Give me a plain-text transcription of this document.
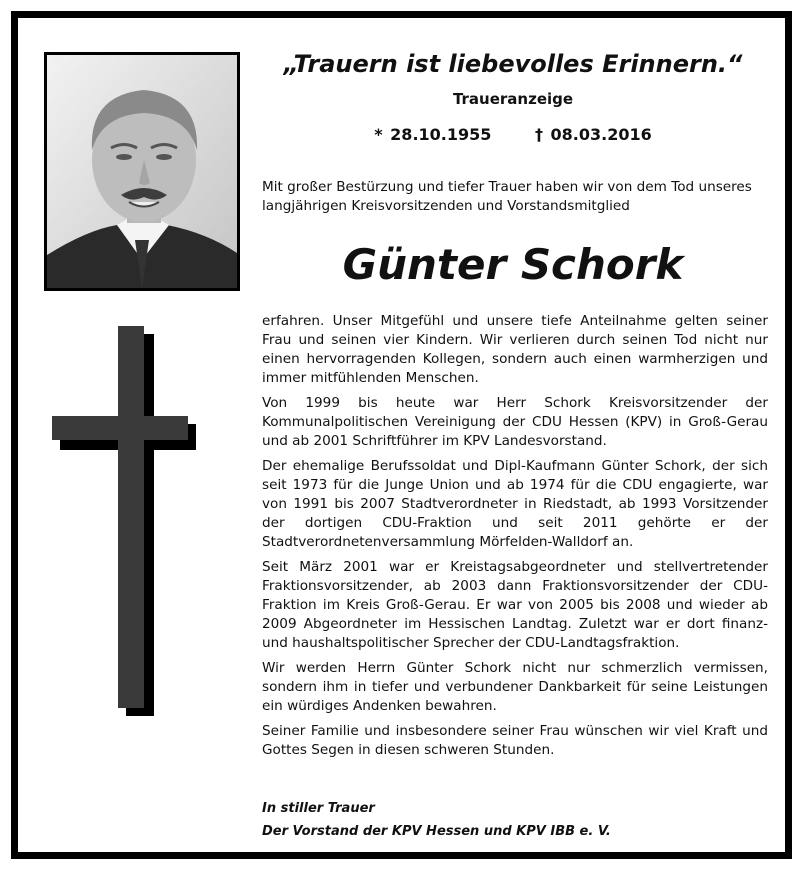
„Trauern ist liebevolles Erinnern.“
Traueranzeige
* 28.10.1955	† 08.03.2016

Mit großer Bestürzung und tiefer Trauer haben wir von dem Tod unseres langjährigen Kreisvorsitzenden und Vorstandsmitglied

Günter Schork

erfahren. Unser Mitgefühl und unsere tiefe Anteilnahme gelten seiner Frau und seinen vier Kindern. Wir verlieren durch seinen Tod nicht nur einen hervorragenden Kollegen, sondern auch einen warmherzigen und immer mitfühlenden Menschen.

Von 1999 bis heute war Herr Schork Kreisvorsitzender der Kommunalpolitischen Vereinigung der CDU Hessen (KPV) in Groß-Gerau und ab 2001 Schriftführer im KPV Landesvorstand.

Der ehemalige Berufssoldat und Dipl-Kaufmann Günter Schork, der sich seit 1973 für die Junge Union und ab 1974 für die CDU engagierte, war von 1991 bis 2007 Stadtverordneter in Riedstadt, ab 1993 Vorsitzender der dortigen CDU-Fraktion und seit 2011 gehörte er der Stadtverordnetenversammlung Mörfelden-Walldorf an.

Seit März 2001 war er Kreistagsabgeordneter und stellvertretender Fraktionsvorsitzender, ab 2003 dann Fraktionsvorsitzender der CDU-Fraktion im Kreis Groß-Gerau. Er war von 2005 bis 2008 und wieder ab 2009 Abgeordneter im Hessischen Landtag. Zuletzt war er dort finanz- und haushaltspolitischer Sprecher der CDU-Landtagsfraktion.

Wir werden Herrn Günter Schork nicht nur schmerzlich vermissen, sondern ihm in tiefer und verbundener Dankbarkeit für seine Leistungen ein würdiges Andenken bewahren.

Seiner Familie und insbesondere seiner Frau wünschen wir viel Kraft und Gottes Segen in diesen schweren Stunden.

In stiller Trauer
Der Vorstand der KPV Hessen und KPV IBB e. V.
